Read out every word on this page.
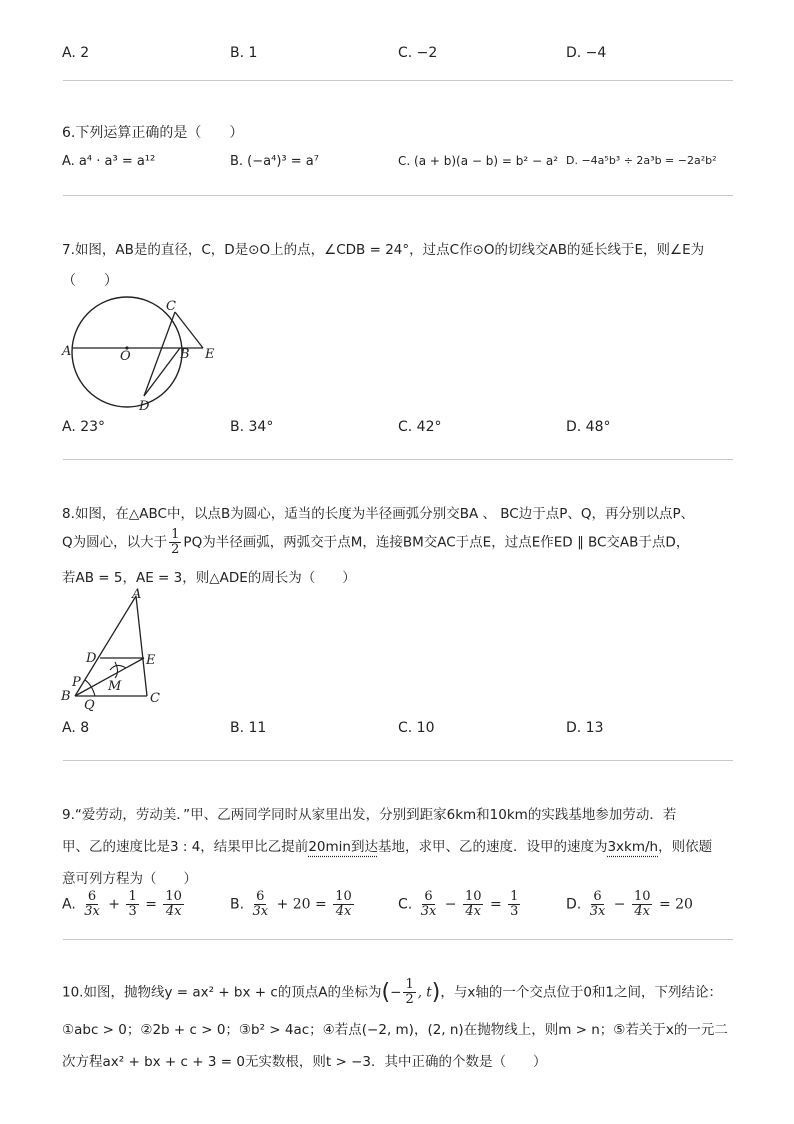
A. 2	B. 1	C. −2	D. −4
6.下列运算正确的是（　　）
A. a⁴ · a³ = a¹²	B. (−a⁴)³ = a⁷	C. (a + b)(a − b) = b² − a² D. −4a⁵b³ ÷ 2a³b = −2a²b²
7.如图，AB是的直径，C，D是⊙O上的点，∠CDB = 24°，过点C作⊙O的切线交AB的延长线于E，则∠E为
（　　）
A	O	B E
C
D
A. 23°	B. 34°	C. 42°	D. 48°
8.如图，在△ABC中，以点B为圆心，适当的长度为半径画弧分别交BA 、 BC边于点P、Q，再分别以点P、
Q为圆心，以大于 $\frac{1}{2}$ PQ为半径画弧，两弧交于点M，连接BM交AC于点E，过点E作ED ∥ BC交AB于点D，
若AB = 5，AE = 3，则△ADE的周长为（　　）
A
D	E
P M
B
Q	C
A. 8	B. 11	C. 10	D. 13
9.“爱劳动，劳动美．”甲、乙两同学同时从家里出发，分别到距家6km和10km的实践基地参加劳动．若
甲、乙的速度比是3 : 4，结果甲比乙提前20min到达基地，求甲、乙的速度．设甲的速度为3xkm/h，则依题
意可列方程为（　　）
A. $\frac{6}{3x} + \frac{1}{3} = \frac{10}{4x}$	B. $\frac{6}{3x} + 20 = \frac{10}{4x}$	C. $\frac{6}{3x} - \frac{10}{4x} = \frac{1}{3}$	D. $\frac{6}{3x} - \frac{10}{4x} = 20$
10.如图，抛物线y = ax² + bx + c的顶点A的坐标为(− $\frac{1}{2}$ , t)，与x轴的一个交点位于0和1之间，下列结论：
①abc > 0；②2b + c > 0；③b² > 4ac；④若点(−2, m)，(2, n)在抛物线上，则m > n；⑤若关于x的一元二
次方程ax² + bx + c + 3 = 0无实数根，则t > −3．其中正确的个数是（　　）
